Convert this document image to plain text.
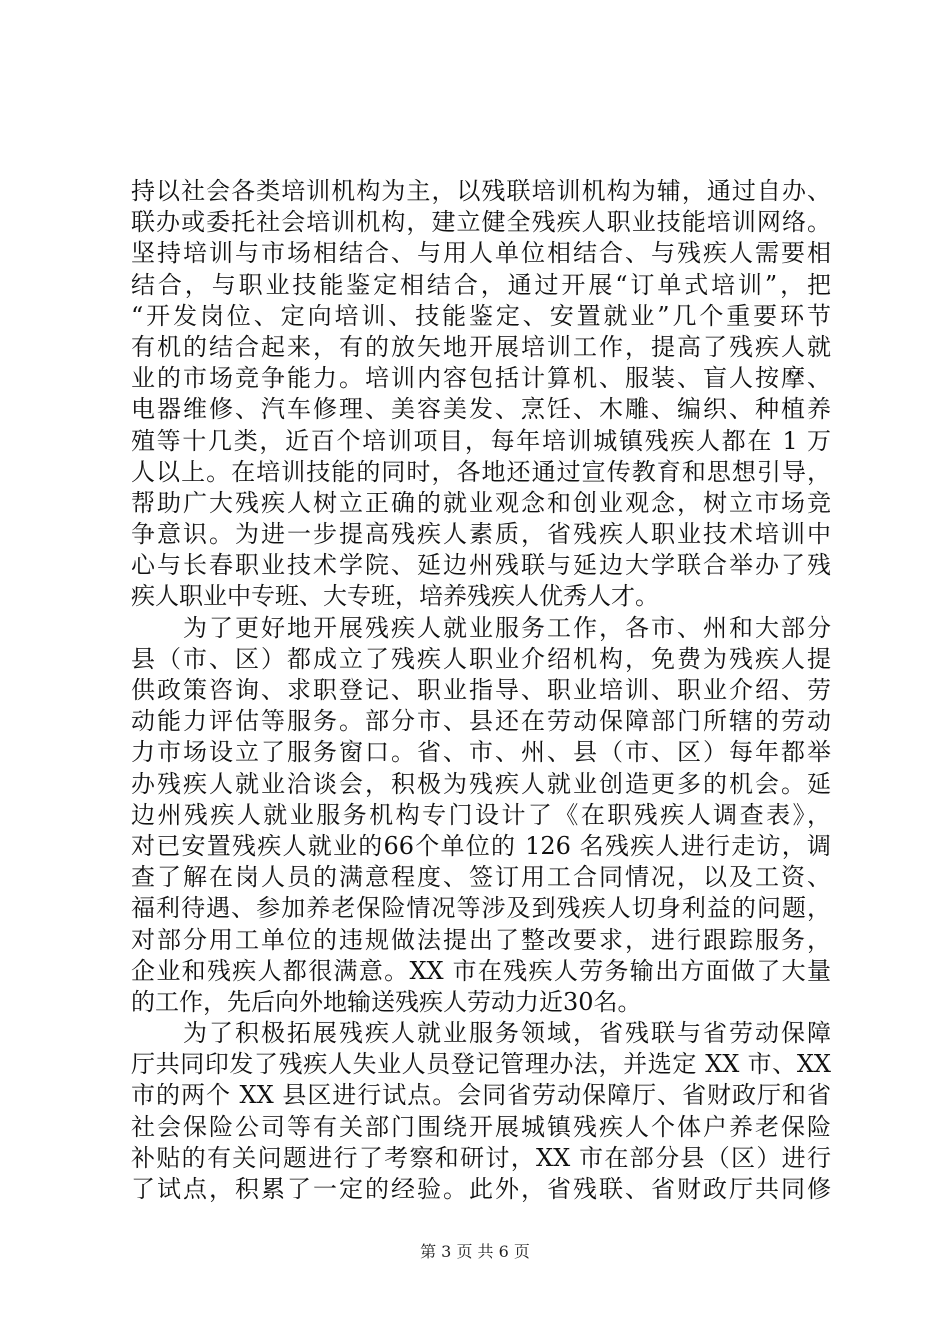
持以社会各类培训机构为主，以残联培训机构为辅，通过自办、
联办或委托社会培训机构，建立健全残疾人职业技能培训网络。
坚持培训与市场相结合、与用人单位相结合、与残疾人需要相
结合，与职业技能鉴定相结合，通过开展“订单式培训”，把
“开发岗位、定向培训、技能鉴定、安置就业”几个重要环节
有机的结合起来，有的放矢地开展培训工作，提高了残疾人就
业的市场竞争能力。培训内容包括计算机、服装、盲人按摩、
电器维修、汽车修理、美容美发、烹饪、木雕、编织、种植养
殖等十几类，近百个培训项目，每年培训城镇残疾人都在 1 万
人以上。在培训技能的同时，各地还通过宣传教育和思想引导，
帮助广大残疾人树立正确的就业观念和创业观念，树立市场竞
争意识。为进一步提高残疾人素质，省残疾人职业技术培训中
心与长春职业技术学院、延边州残联与延边大学联合举办了残
疾人职业中专班、大专班，培养残疾人优秀人才。
　　为了更好地开展残疾人就业服务工作，各市、州和大部分
县（市、区）都成立了残疾人职业介绍机构，免费为残疾人提
供政策咨询、求职登记、职业指导、职业培训、职业介绍、劳
动能力评估等服务。部分市、县还在劳动保障部门所辖的劳动
力市场设立了服务窗口。省、市、州、县（市、区）每年都举
办残疾人就业洽谈会，积极为残疾人就业创造更多的机会。延
边州残疾人就业服务机构专门设计了《在职残疾人调查表》，
对已安置残疾人就业的66个单位的 126 名残疾人进行走访，调
查了解在岗人员的满意程度、签订用工合同情况，以及工资、
福利待遇、参加养老保险情况等涉及到残疾人切身利益的问题，
对部分用工单位的违规做法提出了整改要求，进行跟踪服务，
企业和残疾人都很满意。XX 市在残疾人劳务输出方面做了大量
的工作，先后向外地输送残疾人劳动力近30名。
　　为了积极拓展残疾人就业服务领域，省残联与省劳动保障
厅共同印发了残疾人失业人员登记管理办法，并选定 XX 市、XX
市的两个 XX 县区进行试点。会同省劳动保障厅、省财政厅和省
社会保险公司等有关部门围绕开展城镇残疾人个体户养老保险
补贴的有关问题进行了考察和研讨，XX 市在部分县（区）进行
了试点，积累了一定的经验。此外，省残联、省财政厅共同修
第 3 页 共 6 页
